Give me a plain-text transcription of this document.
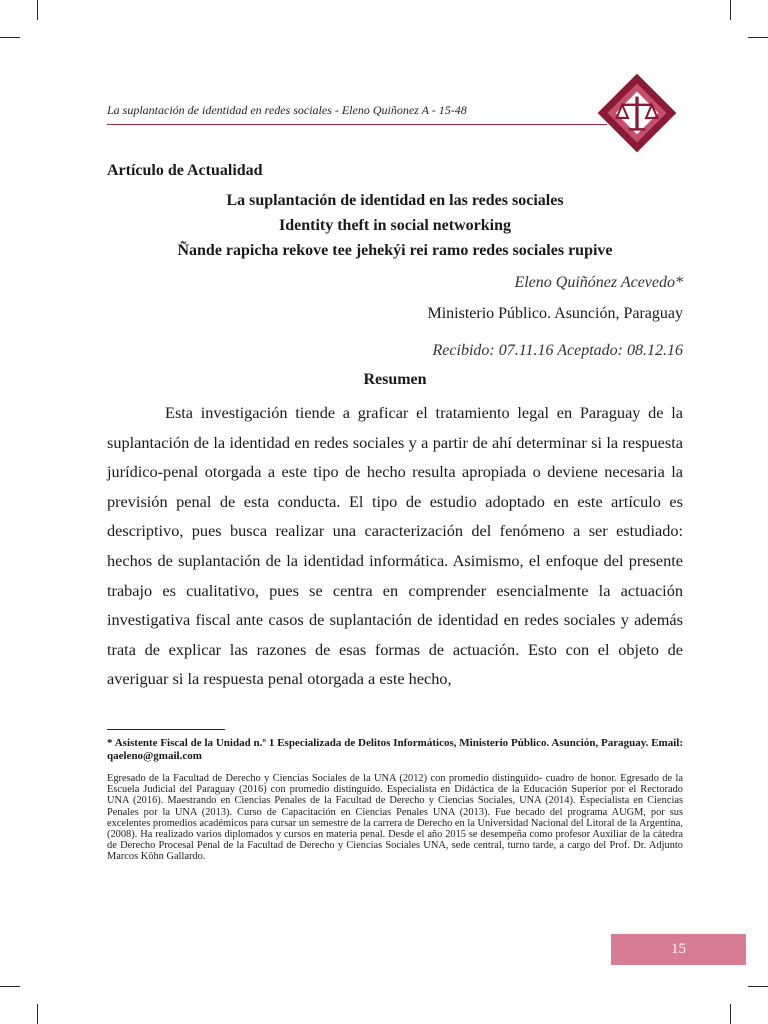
La suplantación de identidad en redes sociales - Eleno Quiñonez A - 15-48
Artículo de Actualidad
La suplantación de identidad en las redes sociales
Identity theft in social networking
Ñande rapicha rekove tee jehekýi rei ramo redes sociales rupive
Eleno Quiñónez Acevedo*
Ministerio Público. Asunción, Paraguay
Recibido: 07.11.16 Aceptado: 08.12.16
Resumen

Esta investigación tiende a graficar el tratamiento legal en Paraguay de la suplantación de la identidad en redes sociales y a partir de ahí determinar si la respuesta jurídico-penal otorgada a este tipo de hecho resulta apropiada o deviene necesaria la previsión penal de esta conducta. El tipo de estudio adoptado en este artículo es descriptivo, pues busca realizar una caracterización del fenómeno a ser estudiado: hechos de suplantación de la identidad informática. Asimismo, el enfoque del presente trabajo es cualitativo, pues se centra en comprender esencialmente la actuación investigativa fiscal ante casos de suplantación de identidad en redes sociales y además trata de explicar las razones de esas formas de actuación. Esto con el objeto de averiguar si la respuesta penal otorgada a este hecho,

* Asistente Fiscal de la Unidad n.º 1 Especializada de Delitos Informáticos, Ministerio Público. Asunción, Paraguay. Email: qaeleno@gmail.com

Egresado de la Facultad de Derecho y Ciencias Sociales de la UNA (2012) con promedio distinguido- cuadro de honor. Egresado de la Escuela Judicial del Paraguay (2016) con promedio distinguido. Especialista en Didáctica de la Educación Superior por el Rectorado UNA (2016). Maestrando en Ciencias Penales de la Facultad de Derecho y Ciencias Sociales, UNA (2014). Especialista en Ciencias Penales por la UNA (2013). Curso de Capacitación en Ciencias Penales UNA (2013). Fue becado del programa AUGM, por sus excelentes promedios académicos para cursar un semestre de la carrera de Derecho en la Universidad Nacional del Litoral de la Argentina, (2008). Ha realizado varios diplomados y cursos en materia penal. Desde el año 2015 se desempeña como profesor Auxiliar de la cátedra de Derecho Procesal Penal de la Facultad de Derecho y Ciencias Sociales UNA, sede central, turno tarde, a cargo del Prof. Dr. Adjunto Marcos Köhn Gallardo.

15
